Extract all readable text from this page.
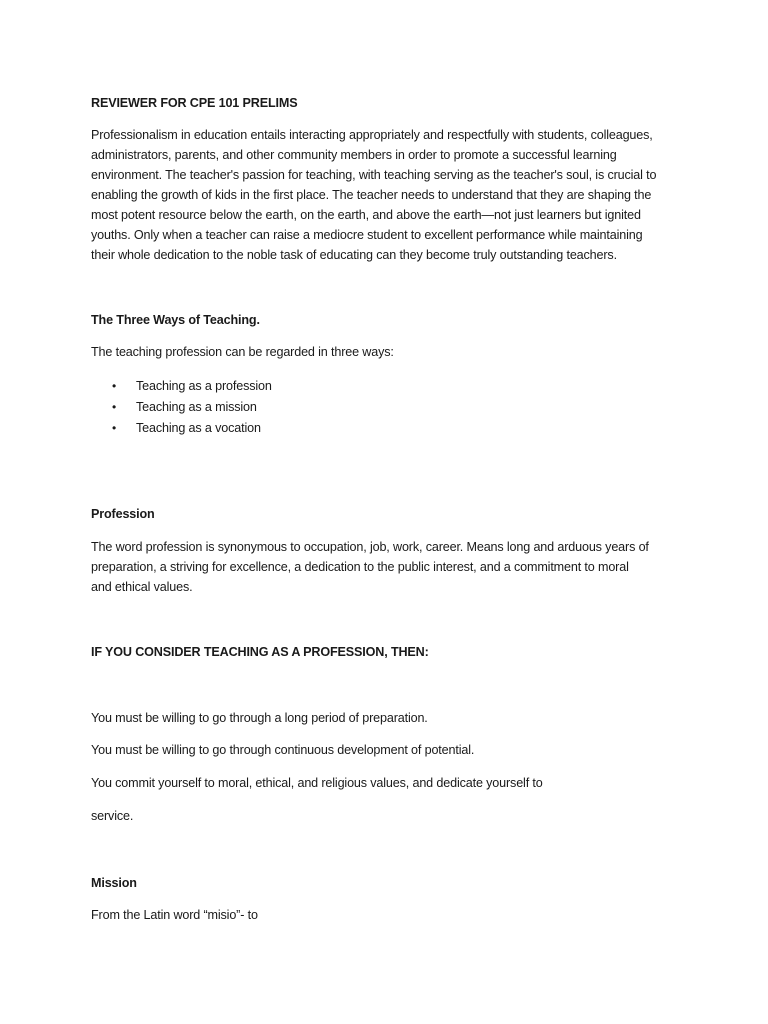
REVIEWER FOR CPE 101 PRELIMS
Professionalism in education entails interacting appropriately and respectfully with students, colleagues,
administrators, parents, and other community members in order to promote a successful learning
environment. The teacher's passion for teaching, with teaching serving as the teacher's soul, is crucial to
enabling the growth of kids in the first place. The teacher needs to understand that they are shaping the
most potent resource below the earth, on the earth, and above the earth—not just learners but ignited
youths. Only when a teacher can raise a mediocre student to excellent performance while maintaining
their whole dedication to the noble task of educating can they become truly outstanding teachers.
The Three Ways of Teaching.
The teaching profession can be regarded in three ways:
• Teaching as a profession
• Teaching as a mission
• Teaching as a vocation
Profession
The word profession is synonymous to occupation, job, work, career. Means long and arduous years of
preparation, a striving for excellence, a dedication to the public interest, and a commitment to moral
and ethical values.
IF YOU CONSIDER TEACHING AS A PROFESSION, THEN:
You must be willing to go through a long period of preparation.
You must be willing to go through continuous development of potential.
You commit yourself to moral, ethical, and religious values, and dedicate yourself to
service.
Mission
From the Latin word “misio”- to
